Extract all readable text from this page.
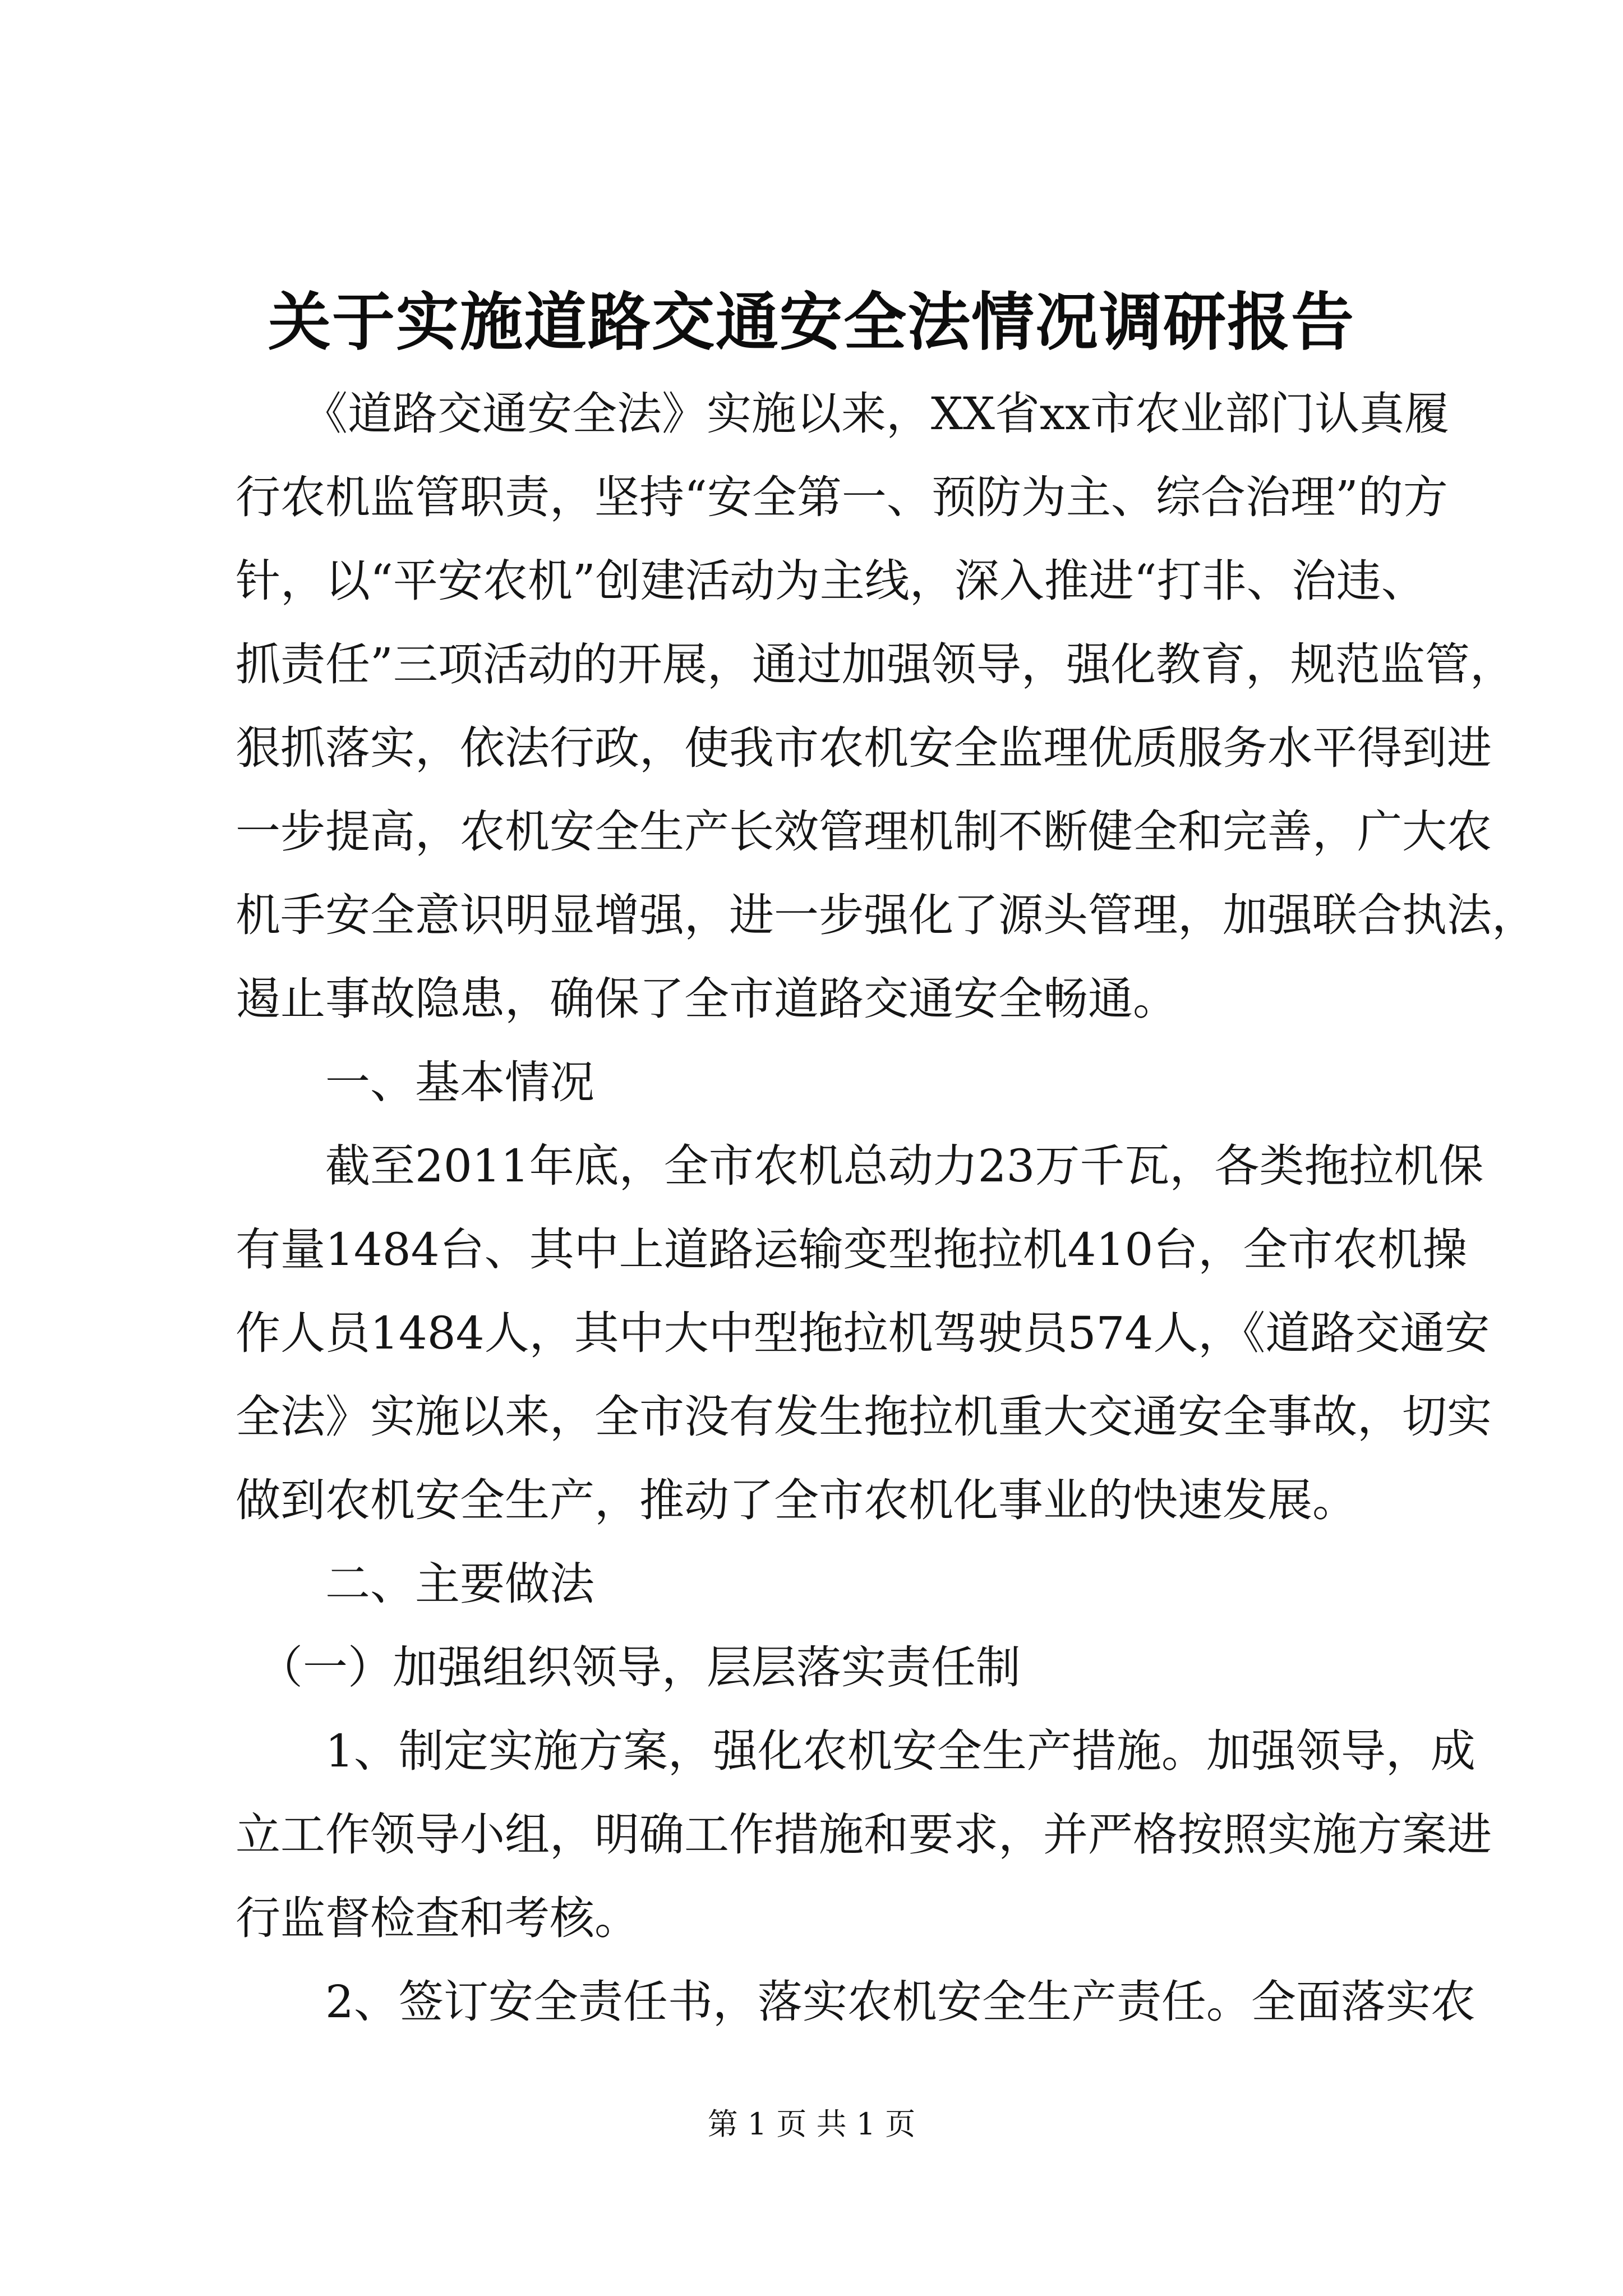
关于实施道路交通安全法情况调研报告
　　《道路交通安全法》实施以来，XX省xx市农业部门认真履
行农机监管职责，坚持“安全第一、预防为主、综合治理”的方
针，以“平安农机”创建活动为主线，深入推进“打非、治违、
抓责任”三项活动的开展，通过加强领导，强化教育，规范监管，
狠抓落实，依法行政，使我市农机安全监理优质服务水平得到进
一步提高，农机安全生产长效管理机制不断健全和完善，广大农
机手安全意识明显增强，进一步强化了源头管理，加强联合执法，
遏止事故隐患，确保了全市道路交通安全畅通。
　　一、基本情况
　　截至2011年底，全市农机总动力23万千瓦，各类拖拉机保
有量1484台、其中上道路运输变型拖拉机410台，全市农机操
作人员1484人，其中大中型拖拉机驾驶员574人，《道路交通安
全法》实施以来，全市没有发生拖拉机重大交通安全事故，切实
做到农机安全生产，推动了全市农机化事业的快速发展。
　　二、主要做法
　（一）加强组织领导，层层落实责任制
　　1、制定实施方案，强化农机安全生产措施。加强领导，成
立工作领导小组，明确工作措施和要求，并严格按照实施方案进
行监督检查和考核。
　　2、签订安全责任书，落实农机安全生产责任。全面落实农
第 1 页 共 1 页
